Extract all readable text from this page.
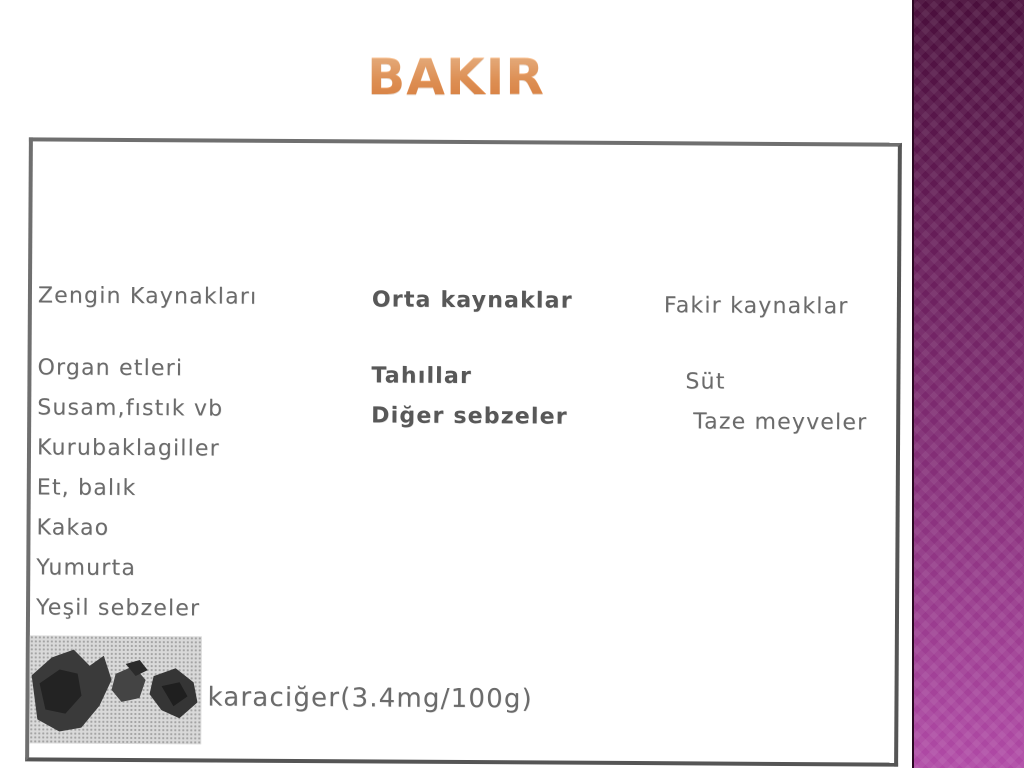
BAKIR

Zengin Kaynakları

Organ etleri

Susam,fıstık vb

Kurubaklagiller

Et, balık

Kakao

Yumurta

Yeşil sebzeler

Orta kaynaklar

Tahıllar

Diğer sebzeler

Fakir kaynaklar

Süt

Taze meyveler

karaciğer(3.4mg/100g)
